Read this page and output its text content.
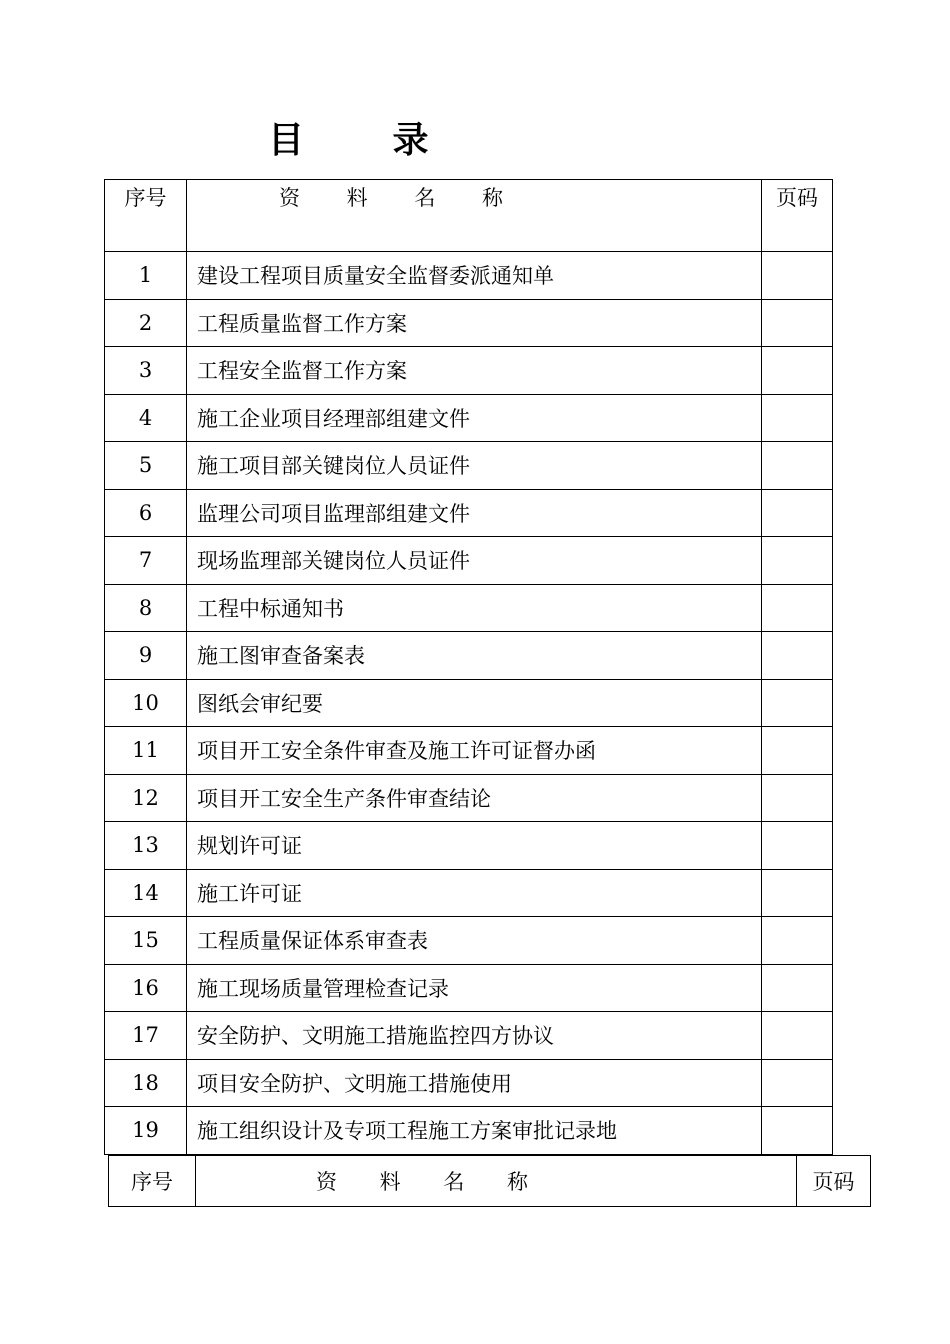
目 录
序号	资 料 名 称	页码
1	建设工程项目质量安全监督委派通知单	
2	工程质量监督工作方案	
3	工程安全监督工作方案	
4	施工企业项目经理部组建文件	
5	施工项目部关键岗位人员证件	
6	监理公司项目监理部组建文件	
7	现场监理部关键岗位人员证件	
8	工程中标通知书	
9	施工图审查备案表	
10	图纸会审纪要	
11	项目开工安全条件审查及施工许可证督办函	
12	项目开工安全生产条件审查结论	
13	规划许可证	
14	施工许可证	
15	工程质量保证体系审查表	
16	施工现场质量管理检查记录	
17	安全防护、文明施工措施监控四方协议	
18	项目安全防护、文明施工措施使用	
19	施工组织设计及专项工程施工方案审批记录地	
序号	资 料 名 称	页码
